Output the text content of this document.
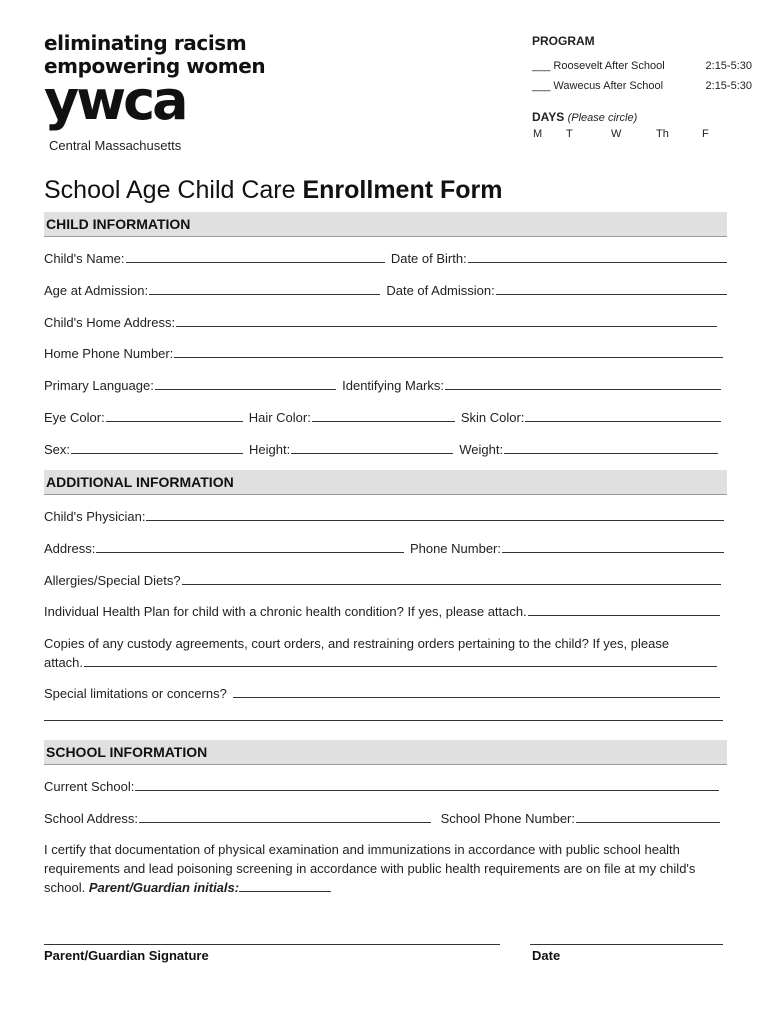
eliminating racism
empowering women
ywca
Central Massachusetts
PROGRAM
___ Roosevelt After School	2:15-5:30
___ Wawecus After School	2:15-5:30
DAYS (Please circle)
M T	W	Th	F
School Age Child Care Enrollment Form
CHILD INFORMATION
Child's Name:	Date of Birth:
Age at Admission:	Date of Admission:
Child's Home Address:
Home Phone Number:
Primary Language:	Identifying Marks:
Eye Color:	Hair Color:	Skin Color:
Sex:	Height:	Weight:
ADDITIONAL INFORMATION
Child's Physician:
Address:	Phone Number:
Allergies/Special Diets?
Individual Health Plan for child with a chronic health condition? If yes, please attach.
Copies of any custody agreements, court orders, and restraining orders pertaining to the child? If yes, please
attach.
Special limitations or concerns?
SCHOOL INFORMATION
Current School:
School Address:	School Phone Number:
I certify that documentation of physical examination and immunizations in accordance with public school health requirements and lead poisoning screening in accordance with public health requirements are on file at my child's school. Parent/Guardian initials:
Parent/Guardian Signature	Date
